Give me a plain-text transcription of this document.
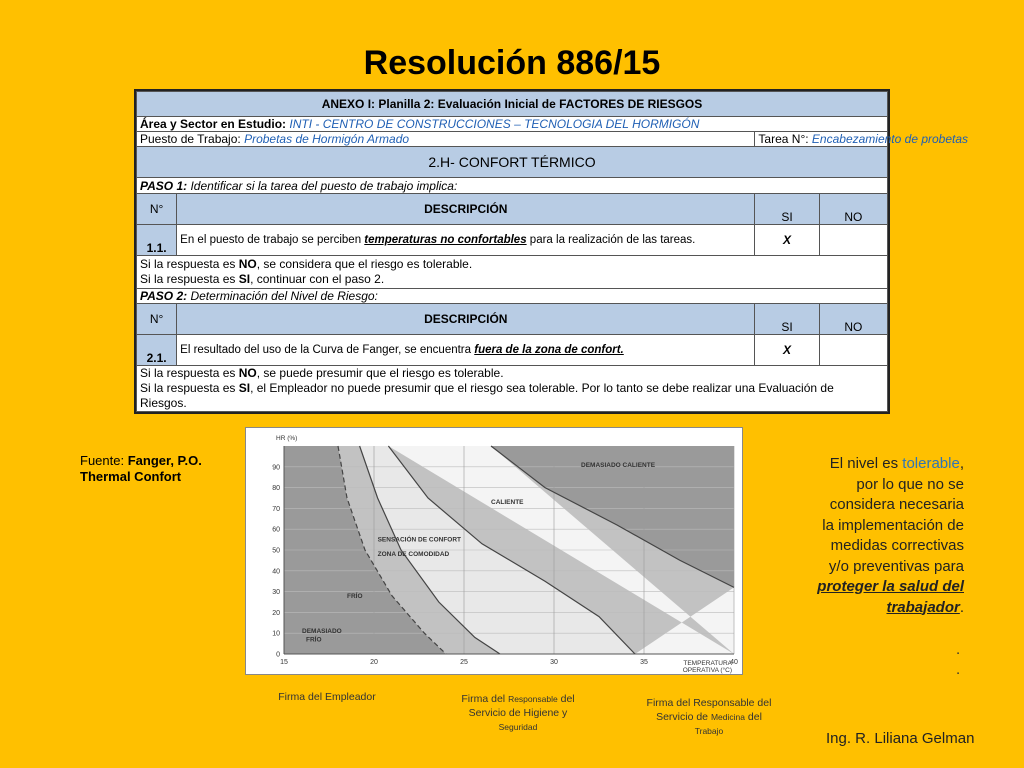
Resolución 886/15
ANEXO I: Planilla 2: Evaluación Inicial de FACTORES DE RIESGOS			
Área y Sector en Estudio: INTI - CENTRO DE CONSTRUCCIONES – TECNOLOGIA DEL HORMIGÓN			
Puesto de Trabajo: Probetas de Hormigón Armado		Tarea N°: Encabezamiento de probetas	
2.H- CONFORT TÉRMICO			
PASO 1: Identificar si la tarea del puesto de trabajo implica:			
N°	DESCRIPCIÓN	SI	NO
1.1.	En el puesto de trabajo se perciben temperaturas no confortables para la realización de las tareas.	X	

Si la respuesta es NO, se considera que el riesgo es tolerable.
Si la respuesta es SI, continuar con el paso 2.			

PASO 2: Determinación del Nivel de Riesgo:			
N°	DESCRIPCIÓN	SI	NO
2.1.	El resultado del uso de la Curva de Fanger, se encuentra fuera de la zona de confort.	X	

Si la respuesta es NO, se puede presumir que el riesgo es tolerable.
Si la respuesta es SI, el Empleador no puede presumir que el riesgo sea tolerable. Por lo tanto se debe realizar una Evaluación de Riesgos.			
Fuente: Fanger, P.O.
Thermal Confort
90
80
70
60
50
40
30
20
10
0
15	20	25	30	35	40
HR (%)
TEMPERATURA
OPERATIVA (°C)
DEMASIADO
FRÍO
FRÍO
ZONA DE COMODIDAD
SENSACIÓN DE CONFORT
CALIENTE
DEMASIADO CALIENTE	El nivel es tolerable,
por lo que no se
considera necesaria
la implementación de
medidas correctivas
y/o preventivas para
proteger la salud del
trabajador.
.
.
Firma del Empleador	Firma del Responsable del
Servicio de Higiene y
Seguridad
Firma del Responsable del
Servicio de Medicina del
Trabajo	Ing. R. Liliana Gelman
